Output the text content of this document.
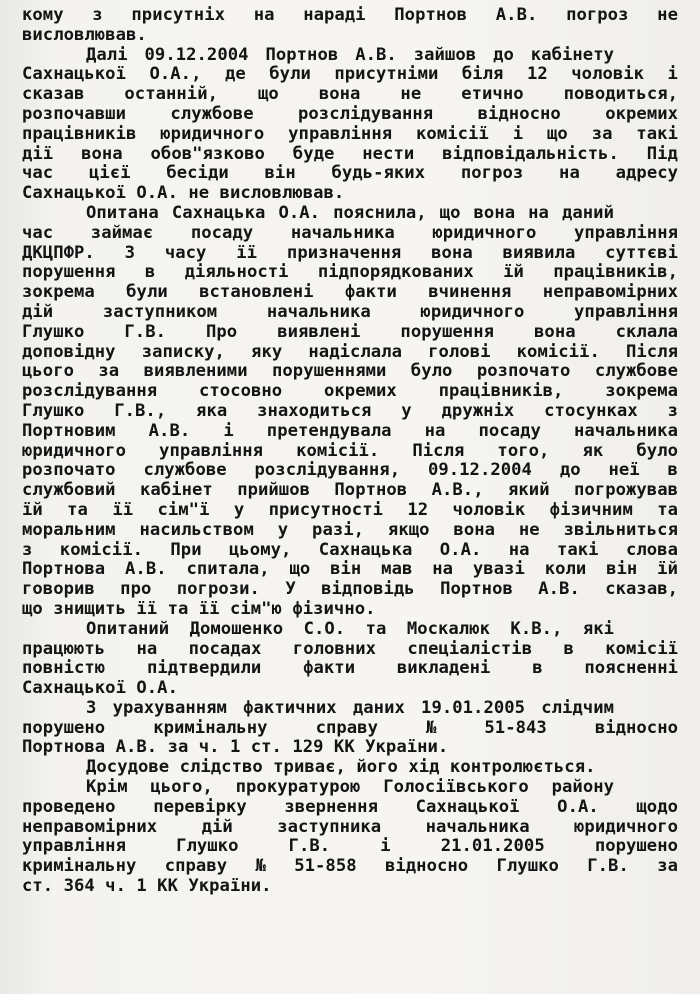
кому з присутніх на нараді Портнов А.В. погроз не
висловлював.

Далі 09.12.2004 Портнов А.В. зайшов до кабінету
Сахнацької О.А., де були присутніми біля 12 чоловік і
сказав останній, що вона не етично поводиться,
розпочавши службове розслідування відносно окремих
працівників юридичного управління комісії і що за такі
дії вона обов"язково буде нести відповідальність. Під
час цієї бесіди він будь-яких погроз на адресу
Сахнацької О.А. не висловлював.

Опитана Сахнацька О.А. пояснила, що вона на даний
час займає посаду начальника юридичного управління
ДКЦПФР. З часу її призначення вона виявила суттєві
порушення в діяльності підпорядкованих їй працівників,
зокрема були встановлені факти вчинення неправомірних
дій заступником начальника юридичного управління
Глушко Г.В. Про виявлені порушення вона склала
доповідну записку, яку надіслала голові комісії. Після
цього за виявленими порушеннями було розпочато службове
розслідування стосовно окремих працівників, зокрема
Глушко Г.В., яка знаходиться у дружніх стосунках з
Портновим А.В. і претендувала на посаду начальника
юридичного управління комісії. Після того, як було
розпочато службове розслідування, 09.12.2004 до неї в
службовий кабінет прийшов Портнов А.В., який погрожував
їй та її сім"ї у присутності 12 чоловік фізичним та
моральним насильством у разі, якщо вона не звільниться
з комісії. При цьому, Сахнацька О.А. на такі слова
Портнова А.В. спитала, що він мав на увазі коли він їй
говорив про погрози. У відповідь Портнов А.В. сказав,
що знищить її та її сім"ю фізично.

Опитаний Домошенко С.О. та Москалюк К.В., які
працюють на посадах головних спеціалістів в комісії
повністю підтвердили факти викладені в поясненні
Сахнацької О.А.

З урахуванням фактичних даних 19.01.2005 слідчим
порушено кримінальну справу № 51-843 відносно
Портнова А.В. за ч. 1 ст. 129 КК України.

Досудове слідство триває, його хід контролюється.

Крім цього, прокуратурою Голосіївського району
проведено перевірку звернення Сахнацької О.А. щодо
неправомірних дій заступника начальника юридичного
управління Глушко Г.В. і 21.01.2005 порушено
кримінальну справу № 51-858 відносно Глушко Г.В. за
ст. 364 ч. 1 КК України.
